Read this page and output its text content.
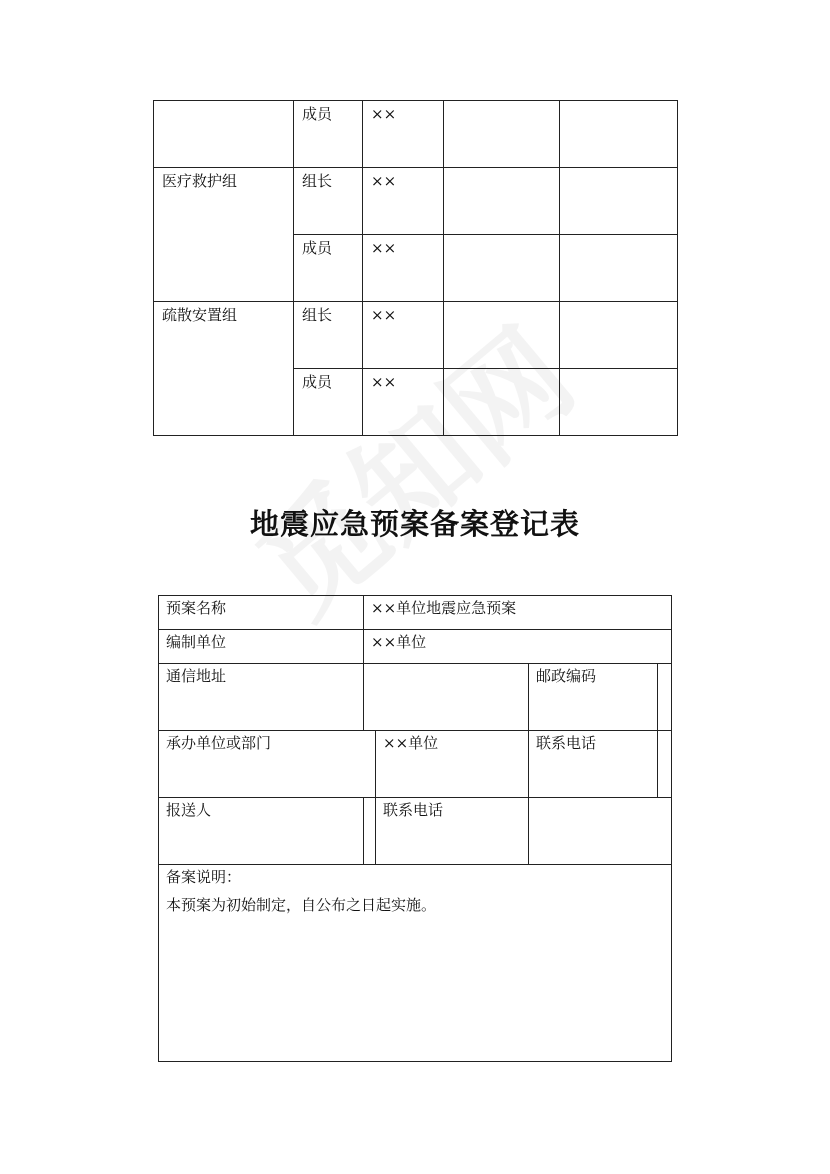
	成员	××		
医疗救护组	组长	××		
	成员	××		
疏散安置组	组长	××		
	成员	××		
地震应急预案备案登记表
预案名称	××单位地震应急预案			
编制单位	××单位			
通信地址			邮政编码	
承办单位或部门		××单位	联系电话	
报送人		联系电话		

备案说明：
本预案为初始制定，自公布之日起实施。				
